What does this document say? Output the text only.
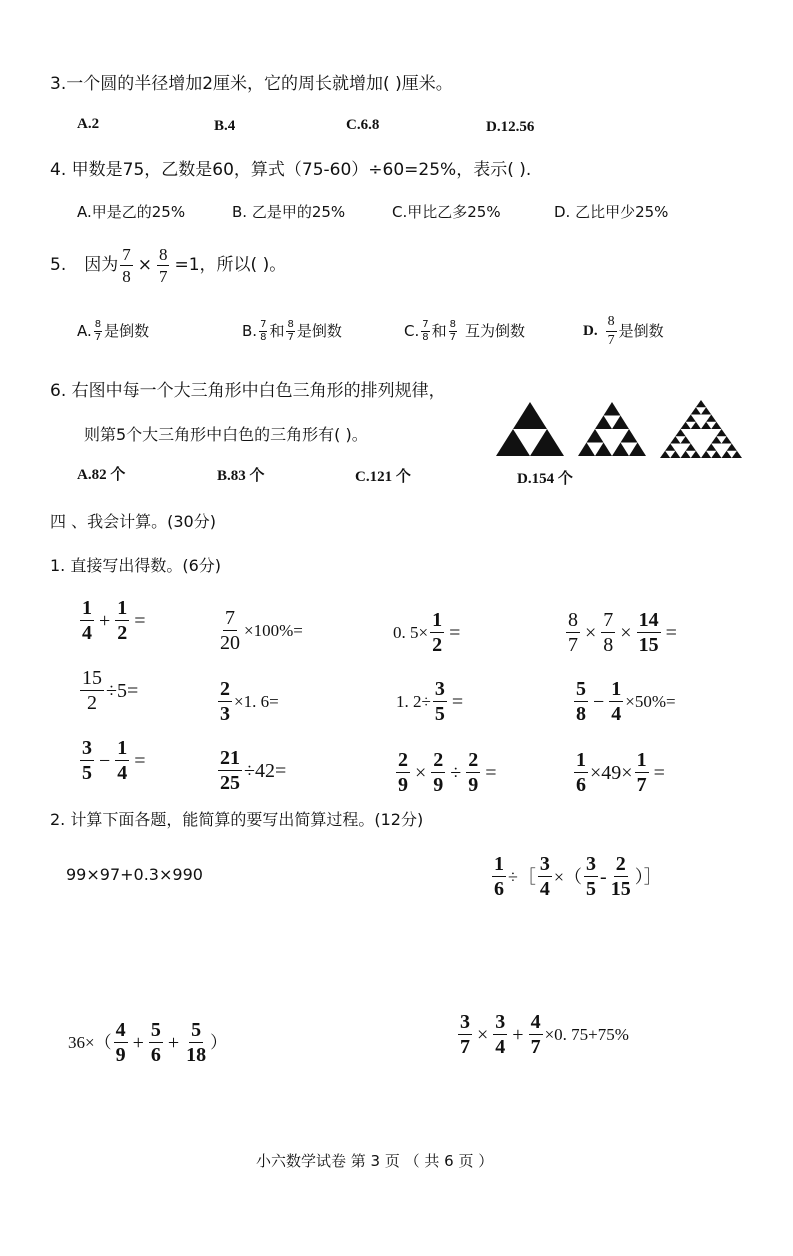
3.一个圆的半径增加2厘米，它的周长就增加( )厘米。
A.2	B.4	C.6.8	D.12.56
4. 甲数是75，乙数是60，算式（75-60）÷60=25%，表示( ).
A.甲是乙的25%	B. 乙是甲的25%	C.甲比乙多25%	D. 乙比甲少25%
5. 因为 $\frac{7}{8} \times \frac{8}{7} =1$ ，所以( )。
A. $\frac{8}{7}$ 是倒数	B. $\frac{7}{8}$ 和 $\frac{8}{7}$ 是倒数	C. $\frac{7}{8}$ 和 $\frac{8}{7}$ 互为倒数	D. $\frac{8}{7}$ 是倒数
6. 右图中每一个大三角形中白色三角形的排列规律，
则第5个大三角形中白色的三角形有( )。
A.82 个	B.83 个	C.121 个	D.154 个
四 、我会计算。(30分)
1. 直接写出得数。(6分)
$\frac{1}{4} + \frac{1}{2}$ =	$\frac{7}{20} \times 100\%=$	0. $5\times \frac{1}{2}$ =	$\frac{8}{7} \times \frac{7}{8} \times \frac{14}{15}$ =
$\frac{15}{2} \div 5=$	$\frac{2}{3} \times 1$. 6=	1. $2\div \frac{3}{5}$ =	$\frac{5}{8} - \frac{1}{4} \times 50\%=$
$\frac{3}{5} - \frac{1}{4}$ =	$\frac{21}{25} \div 42=$	$\frac{2}{9} \times \frac{2}{9} \div \frac{2}{9}$ =	$\frac{1}{6} \times 49\times \frac{1}{7}$ =
2. 计算下面各题，能简算的要写出简算过程。(12分)
99×97+0.3×990	$\frac{1}{6}$ ÷［ $\frac{3}{4}$ ×（ $\frac{3}{5} - \frac{2}{15}$ ）］
$36\times( \frac{4}{9} + \frac{5}{6} + \frac{5}{18}$ ）	$\frac{3}{7} \times \frac{3}{4} + \frac{4}{7} \times 0$. 75+75%
小六数学试卷 第 3 页 （ 共 6 页 ）
